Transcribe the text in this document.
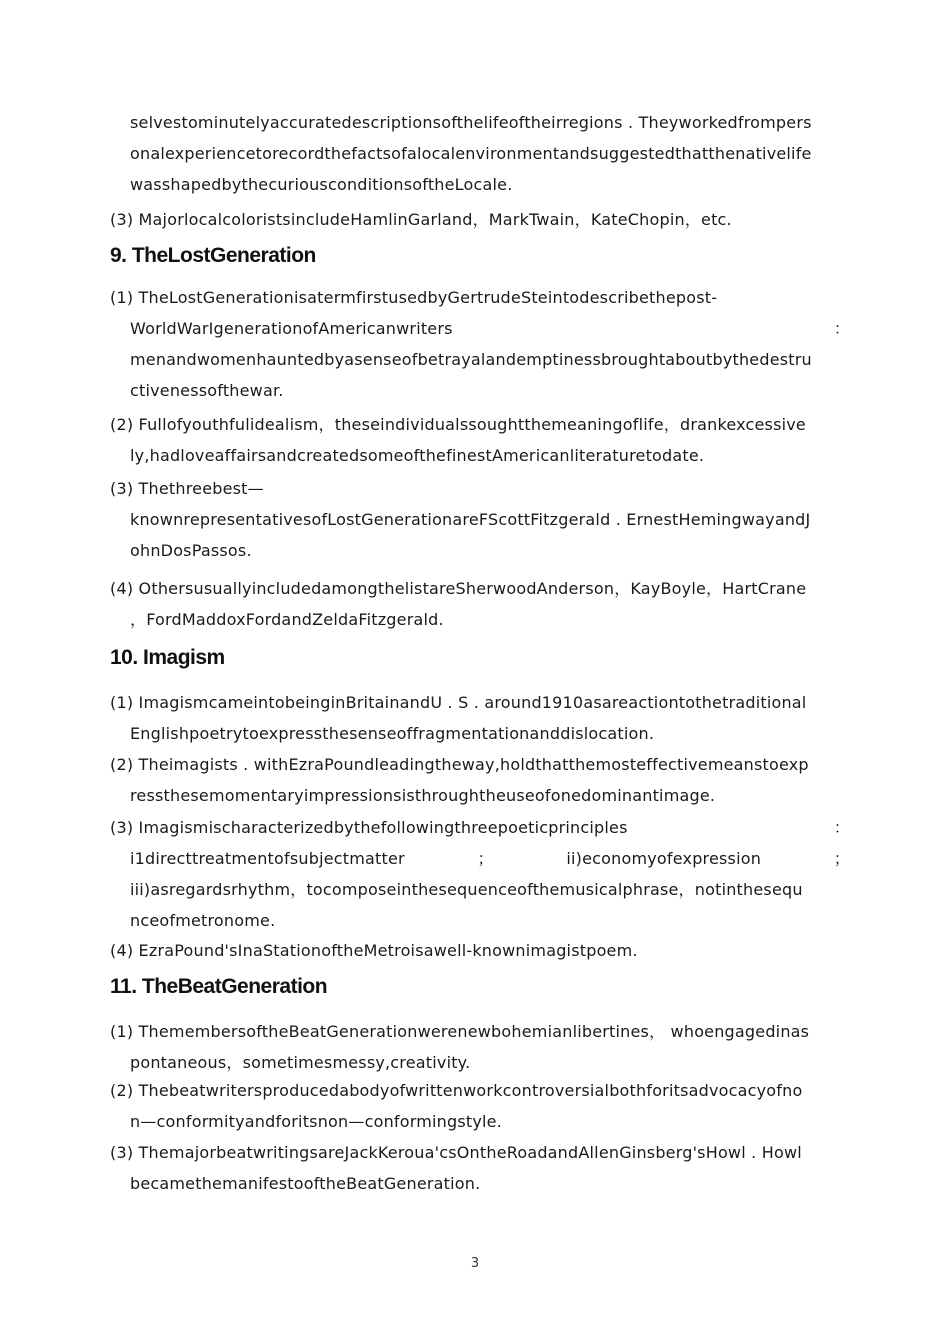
selvestominutelyaccuratedescriptionsofthelifeoftheirregions . Theyworkedfrompers
onalexperiencetorecordthefactsofalocalenvironmentandsuggestedthatthenativelife
wasshapedbythecuriousconditionsoftheLocale.
(3) MajorlocalcoloristsincludeHamlinGarland，MarkTwain，KateChopin，etc.
9. TheLostGeneration
(1) TheLostGenerationisatermfirstusedbyGertrudeSteintodescribethepost-
WorldWarIgenerationofAmericanwriters	：
menandwomenhauntedbyasenseofbetrayalandemptinessbroughtaboutbythedestru
ctivenessofthewar.
(2) Fullofyouthfulidealism，theseindividualssoughtthemeaningoflife，drankexcessive
ly,hadloveaffairsandcreatedsomeofthefinestAmericanliteraturetodate.
(3) Thethreebest—
knownrepresentativesofLostGenerationareFScottFitzgerald . ErnestHemingwayandJ
ohnDosPassos.
(4) OthersusuallyincludedamongthelistareSherwoodAnderson，KayBoyle，HartCrane
，FordMaddoxFordandZeldaFitzgerald.
10. Imagism
(1) ImagismcameintobeinginBritainandU . S . around1910asareactiontothetraditional
Englishpoetrytoexpressthesenseoffragmentationanddislocation.
(2) Theimagists . withEzraPoundleadingtheway,holdthatthemosteffectivemeanstoexp
ressthesemomentaryimpressionsisthroughtheuseofonedominantimage.
(3) Imagismischaracterizedbythefollowingthreepoeticprinciples	：
i1directtreatmentofsubjectmatter	；	ii)economyofexpression	；
iii)asregardsrhythm，tocomposeinthesequenceofthemusicalphrase，notinthesequ
nceofmetronome.
(4) EzraPound'sInaStationoftheMetroisawell-knownimagistpoem.
11. TheBeatGeneration
(1) ThemembersoftheBeatGenerationwerenewbohemianlibertines， whoengagedinas
pontaneous，sometimesmessy,creativity.
(2) Thebeatwritersproducedabodyofwrittenworkcontroversialbothforitsadvocacyofno
n—conformityandforitsnon—conformingstyle.
(3) ThemajorbeatwritingsareJackKeroua'csOntheRoadandAllenGinsberg'sHowl . Howl
becamethemanifestooftheBeatGeneration.
3
